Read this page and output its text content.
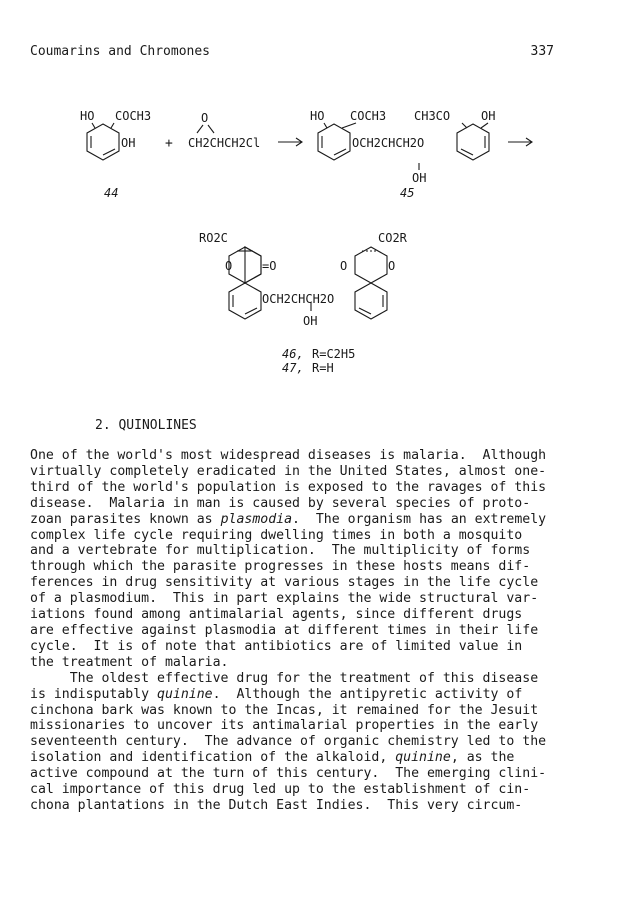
Coumarins and Chromones	337
HO COCH3
OH
44
+
O
CH2CHCH2Cl
HO COCH3 CH3CO	OH
OCH2CHCH2O
OH
45
RO2C	CO2R
O =O	O	O
OCH2CHCH2O
OH
46, R=C2H5
47, R=H
2. QUINOLINES
One of the world's most widespread diseases is malaria.  Although
virtually completely eradicated in the United States, almost one-
third of the world's population is exposed to the ravages of this
disease.  Malaria in man is caused by several species of proto-
zoan parasites known as plasmodia.  The organism has an extremely
complex life cycle requiring dwelling times in both a mosquito
and a vertebrate for multiplication.  The multiplicity of forms
through which the parasite progresses in these hosts means dif-
ferences in drug sensitivity at various stages in the life cycle
of a plasmodium.  This in part explains the wide structural var-
iations found among antimalarial agents, since different drugs
are effective against plasmodia at different times in their life
cycle.  It is of note that antibiotics are of limited value in
the treatment of malaria.
The oldest effective drug for the treatment of this disease
is indisputably quinine.  Although the antipyretic activity of
cinchona bark was known to the Incas, it remained for the Jesuit
missionaries to uncover its antimalarial properties in the early
seventeenth century.  The advance of organic chemistry led to the
isolation and identification of the alkaloid, quinine, as the
active compound at the turn of this century.  The emerging clini-
cal importance of this drug led up to the establishment of cin-
chona plantations in the Dutch East Indies.  This very circum-
